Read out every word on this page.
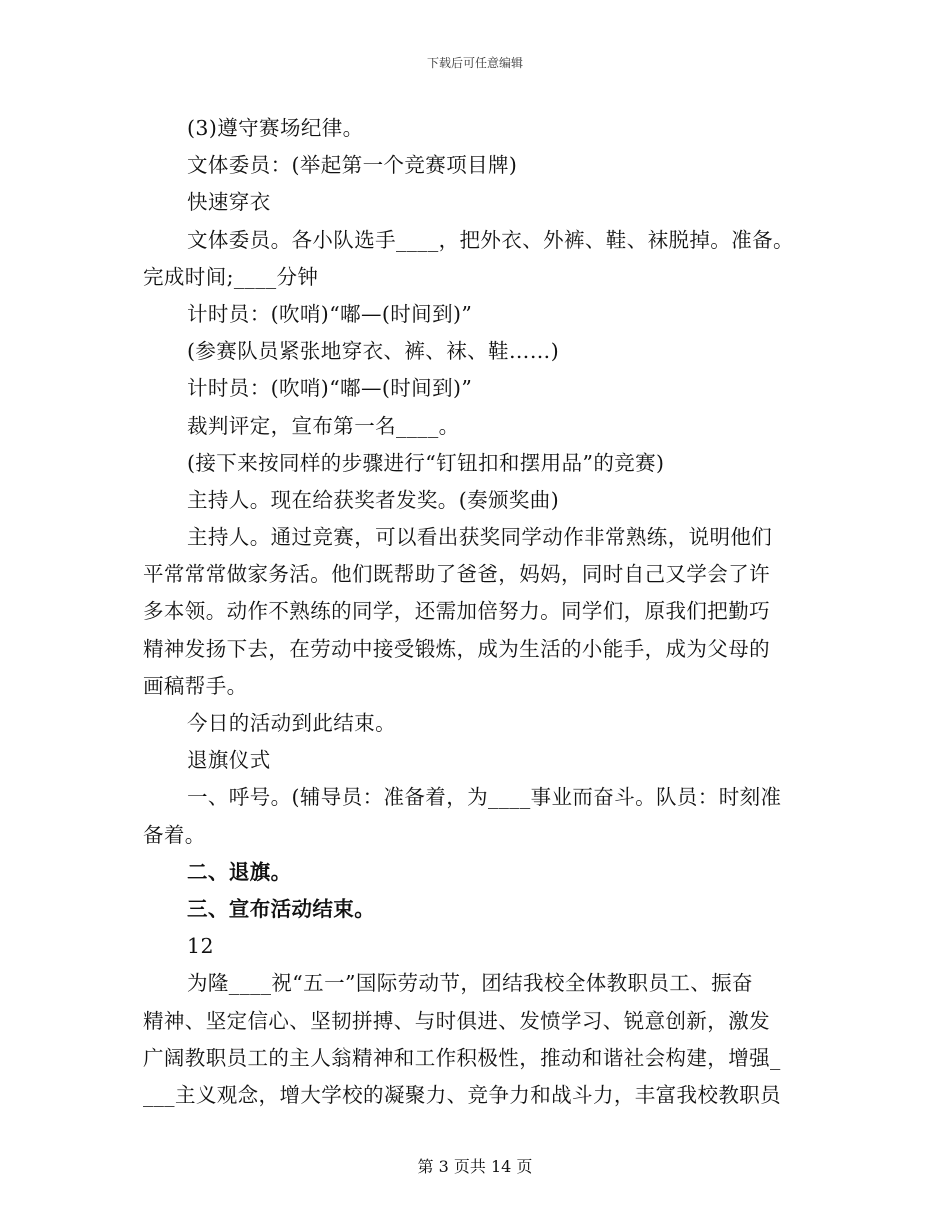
下载后可任意编辑
(3)遵守赛场纪律。
文体委员：(举起第一个竞赛项目牌)
快速穿衣
文体委员。各小队选手____，把外衣、外裤、鞋、袜脱掉。准备。
完成时间;____分钟
计时员：(吹哨)“嘟—(时间到)”
(参赛队员紧张地穿衣、裤、袜、鞋……)
计时员：(吹哨)“嘟—(时间到)”
裁判评定，宣布第一名____。
(接下来按同样的步骤进行“钉钮扣和摆用品”的竞赛)
主持人。现在给获奖者发奖。(奏颁奖曲)
主持人。通过竞赛，可以看出获奖同学动作非常熟练，说明他们
平常常常做家务活。他们既帮助了爸爸，妈妈，同时自己又学会了许
多本领。动作不熟练的同学，还需加倍努力。同学们，原我们把勤巧
精神发扬下去，在劳动中接受锻炼，成为生活的小能手，成为父母的
画稿帮手。
今日的活动到此结束。
退旗仪式
一、呼号。(辅导员：准备着，为____事业而奋斗。队员：时刻准
备着。
二、退旗。
三、宣布活动结束。
12
为隆____祝“五一”国际劳动节，团结我校全体教职员工、振奋
精神、坚定信心、坚韧拼搏、与时俱进、发愤学习、锐意创新，激发
广阔教职员工的主人翁精神和工作积极性，推动和谐社会构建，增强_
___主义观念，增大学校的凝聚力、竞争力和战斗力，丰富我校教职员
第 3 页共 14 页
